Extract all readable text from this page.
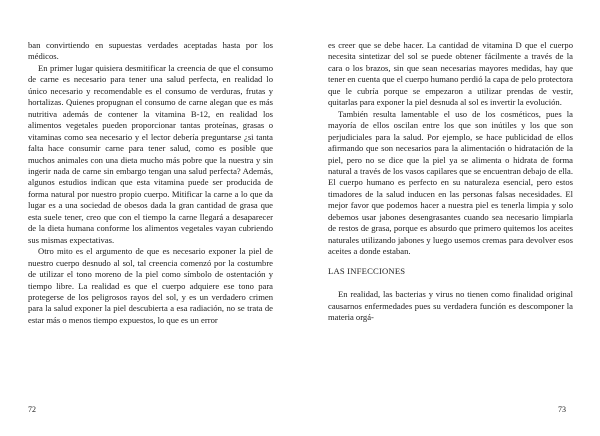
ban convirtiendo en supuestas verdades aceptadas hasta por los médicos.

En primer lugar quisiera desmitificar la creencia de que el consumo de carne es necesario para tener una salud perfecta, en realidad lo único necesario y recomendable es el consumo de verduras, frutas y hortalizas. Quienes propugnan el consumo de carne alegan que es más nutritiva además de contener la vitamina B-12, en realidad los alimentos vegetales pueden proporcionar tantas proteínas, grasas o vitaminas como sea necesario y el lector debería preguntarse ¿si tanta falta hace consumir carne para tener salud, como es posible que muchos animales con una dieta mucho más pobre que la nuestra y sin ingerir nada de carne sin embargo tengan una salud perfecta? Además, algunos estudios indican que esta vitamina puede ser producida de forma natural por nuestro propio cuerpo. Mitificar la carne a lo que da lugar es a una sociedad de obesos dada la gran cantidad de grasa que esta suele tener, creo que con el tiempo la carne llegará a desaparecer de la dieta humana conforme los alimentos vegetales vayan cubriendo sus mismas expectativas.

Otro mito es el argumento de que es necesario exponer la piel de nuestro cuerpo desnudo al sol, tal creencia comenzó por la costumbre de utilizar el tono moreno de la piel como símbolo de ostentación y tiempo libre. La realidad es que el cuerpo adquiere ese tono para protegerse de los peligrosos rayos del sol, y es un verdadero crimen para la salud exponer la piel descubierta a esa radiación, no se trata de estar más o menos tiempo expuestos, lo que es un error

es creer que se debe hacer. La cantidad de vitamina D que el cuerpo necesita sintetizar del sol se puede obtener fácilmente a través de la cara o los brazos, sin que sean necesarias mayores medidas, hay que tener en cuenta que el cuerpo humano perdió la capa de pelo protectora que le cubría porque se empezaron a utilizar prendas de vestir, quitarlas para exponer la piel desnuda al sol es invertir la evolución.

También resulta lamentable el uso de los cosméticos, pues la mayoría de ellos oscilan entre los que son inútiles y los que son perjudiciales para la salud. Por ejemplo, se hace publicidad de ellos afirmando que son necesarios para la alimentación o hidratación de la piel, pero no se dice que la piel ya se alimenta o hidrata de forma natural a través de los vasos capilares que se encuentran debajo de ella. El cuerpo humano es perfecto en su naturaleza esencial, pero estos timadores de la salud inducen en las personas falsas necesidades. El mejor favor que podemos hacer a nuestra piel es tenerla limpia y solo debemos usar jabones desengrasantes cuando sea necesario limpiarla de restos de grasa, porque es absurdo que primero quitemos los aceites naturales utilizando jabones y luego usemos cremas para devolver esos aceites a donde estaban.

LAS INFECCIONES

En realidad, las bacterias y virus no tienen como finalidad original causarnos enfermedades pues su verdadera función es descomponer la materia orgá-

72	73
